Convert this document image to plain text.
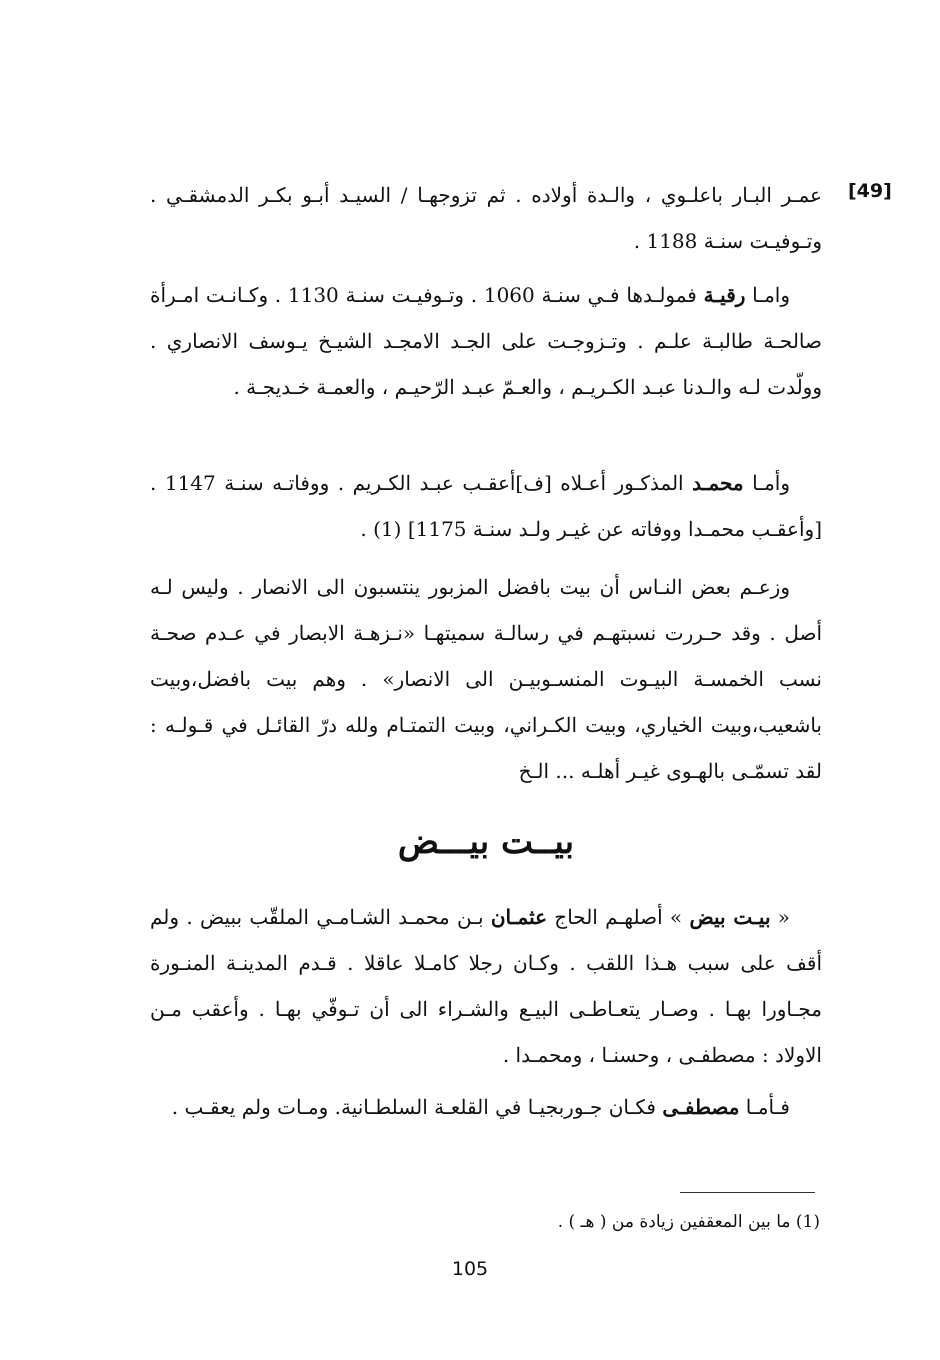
[49]

عمـر البـار باعلـوي ، والـدة أولاده . ثم تزوجهـا / السيـد أبـو بكـر الدمشقـي . وتـوفيـت سنـة 1188 .

وامـا رقيـة فمولـدها فـي سنـة 1060 . وتـوفيـت سنـة 1130 . وكـانـت امـرأة صالحـة طالبـة علـم . وتـزوجـت على الجـد الامجـد الشيـخ يـوسف الانصاري . وولّدت لـه والـدنا عبـد الكـريـم ، والعـمّ عبـد الرّحيـم ، والعمـة خـديجـة .

وأمـا محمـد المذكـور أعـلاه [ف]أعقـب عبـد الكـريم . ووفاتـه سنـة 1147 . [وأعقـب محمـدا ووفاته عن غيـر ولـد سنـة 1175] (1) .

وزعـم بعض النـاس أن بيت بافضل المزبور ينتسبون الى الانصار . وليس لـه أصل . وقد حـررت نسبتهـم في رسالـة سميتهـا «نـزهـة الابصار في عـدم صحـة نسب الخمسـة البيـوت المنسـوبيـن الى الانصار» . وهم بيت بافضل،وبيت باشعيب،وبيت الخياري، وبيت الكـراني، وبيت التمتـام ولله درّ القائـل في قـولـه : لقد تسمّـى بالهـوى غيـر أهلـه ... الـخ

بيــت بيـــض

« بيـت بيض » أصلهـم الحاج عثمـان بـن محمـد الشـامـي الملقّب ببيض . ولم أقف على سبب هـذا اللقب . وكـان رجلا كامـلا عاقلا . قـدم المدينـة المنـورة مجـاورا بهـا . وصـار يتعـاطـى البيـع والشـراء الى أن تـوفّي بهـا . وأعقب مـن الاولاد : مصطفـى ، وحسنـا ، ومحمـدا .

فـأمـا مصطفـى فكـان جـوربجيـا في القلعـة السلطـانية. ومـات ولم يعقـب .

(1) ما بين المعقفين زيادة من ( هـ ) .
105
